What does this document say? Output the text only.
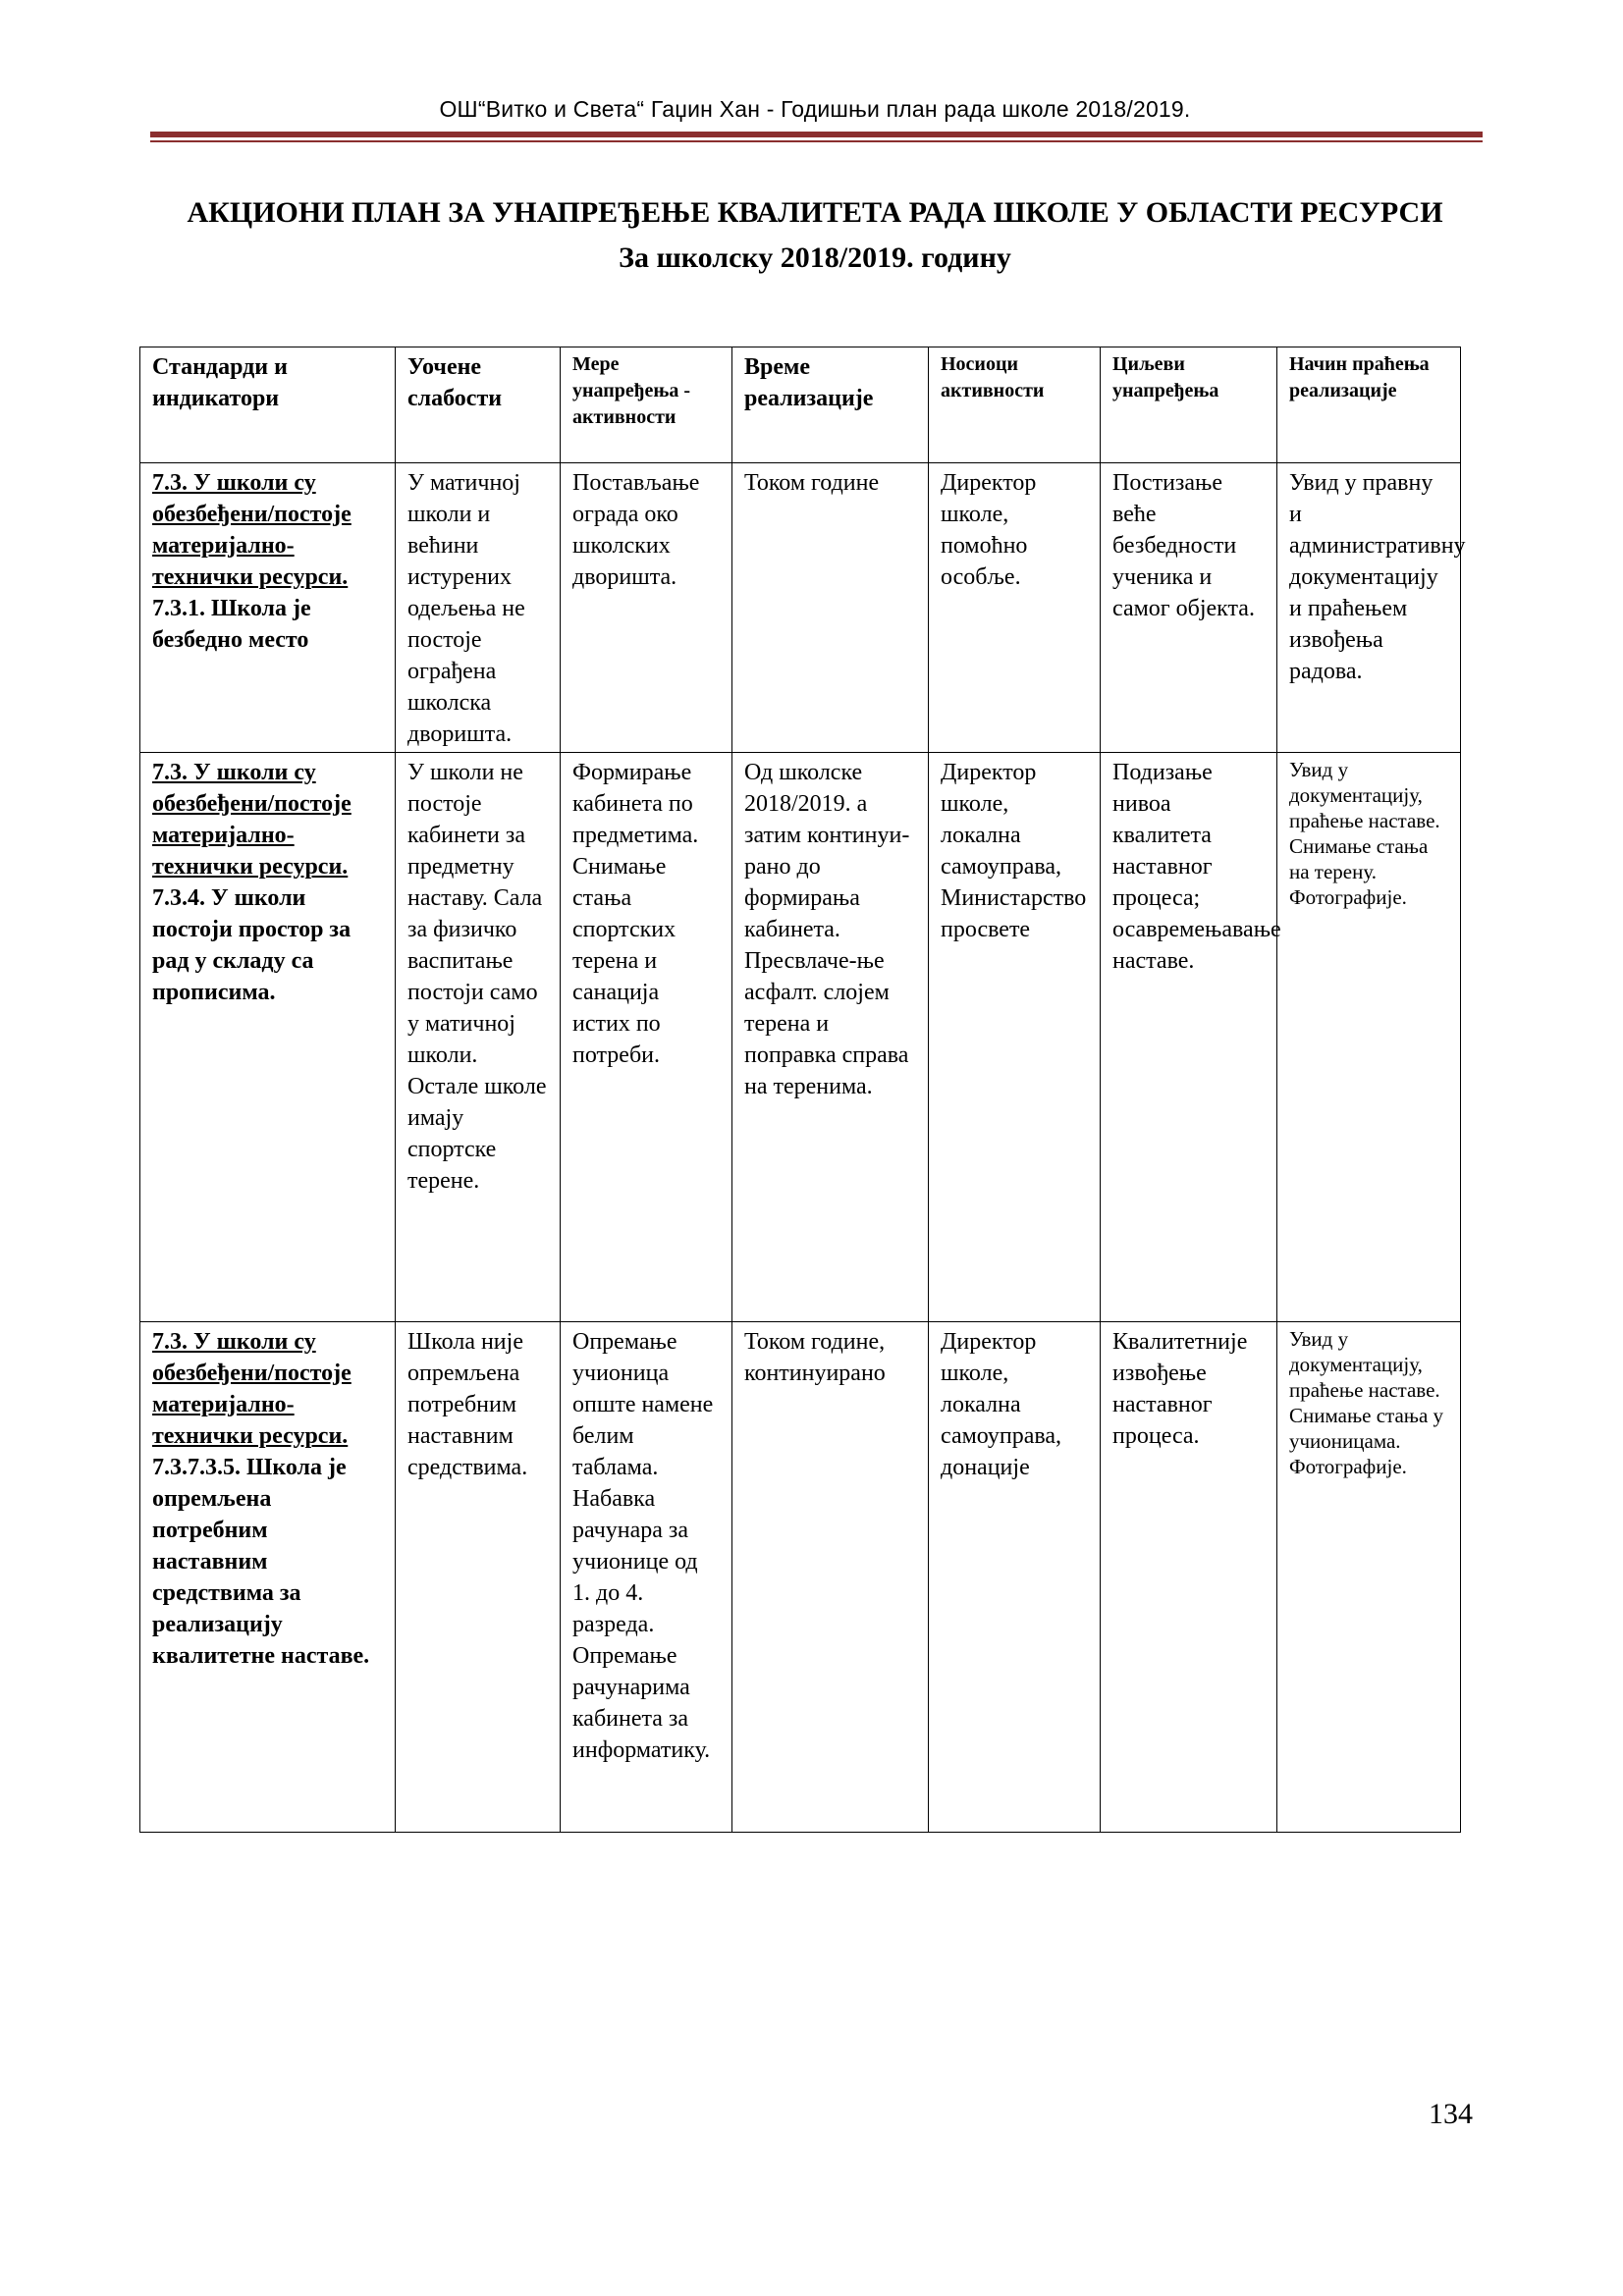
ОШ“Витко и Света“ Гаџин Хан - Годишњи план рада школе 2018/2019.
АКЦИОНИ ПЛАН ЗА УНАПРЕЂЕЊЕ КВАЛИТЕТА РАДА ШКОЛЕ У ОБЛАСТИ РЕСУРСИ
За школску 2018/2019. годину
Стандарди и индикатори	Уочене слабости	Мере унапређења - активности	Време реализације	Носиоци активности	Циљеви унапређења	Начин праћења реализације

7.3. У школи су обезбеђени/постоје материјално-технички ресурси.
7.3.1. Школа је безбедно место	У матичној школи и већини истурених одељења не постоје ограђена школска дворишта.	Постављање ограда око школских дворишта.	Током године	Директор школе, помоћно особље.	Постизање веће безбедности ученика и самог објекта.	Увид у правну и административну документацију и праћењем извођења радова.

7.3. У школи су обезбеђени/постоје материјално-технички ресурси.
7.3.4. У школи постоји простор за рад у складу са прописима.	У школи не постоје кабинети за предметну наставу. Сала за физичко васпитање постоји само у матичној школи. Остале школе имају спортске терене.	Формирање кабинета по предметима. Снимање стања спортских терена и санација истих по потреби.	Од школске 2018/2019. а затим континуи-рано до формирања кабинета. Пресвлаче-ње асфалт. слојем терена и поправка справа на теренима.	Директор школе, локална самоуправа, Министарство просвете	Подизање нивоа квалитета наставног процеса; осавремењавање наставе.	Увид у документацију, праћење наставе. Снимање стања на терену. Фотографије.

7.3. У школи су обезбеђени/постоје материјално-технички ресурси.
7.3.7.3.5. Школа је опремљена потребним наставним средствима за реализацију квалитетне наставе.	Школа није опремљена потребним наставним средствима.	Опремање учионица опште намене белим таблама. Набавка рачунара за учионице од 1. до 4. разреда. Опремање рачунарима кабинета за информатику.	Током године, континуирано	Директор школе, локална самоуправа, донације	Квалитетније извођење наставног процеса.	Увид у документацију, праћење наставе. Снимање стања у учионицама. Фотографије.
134
